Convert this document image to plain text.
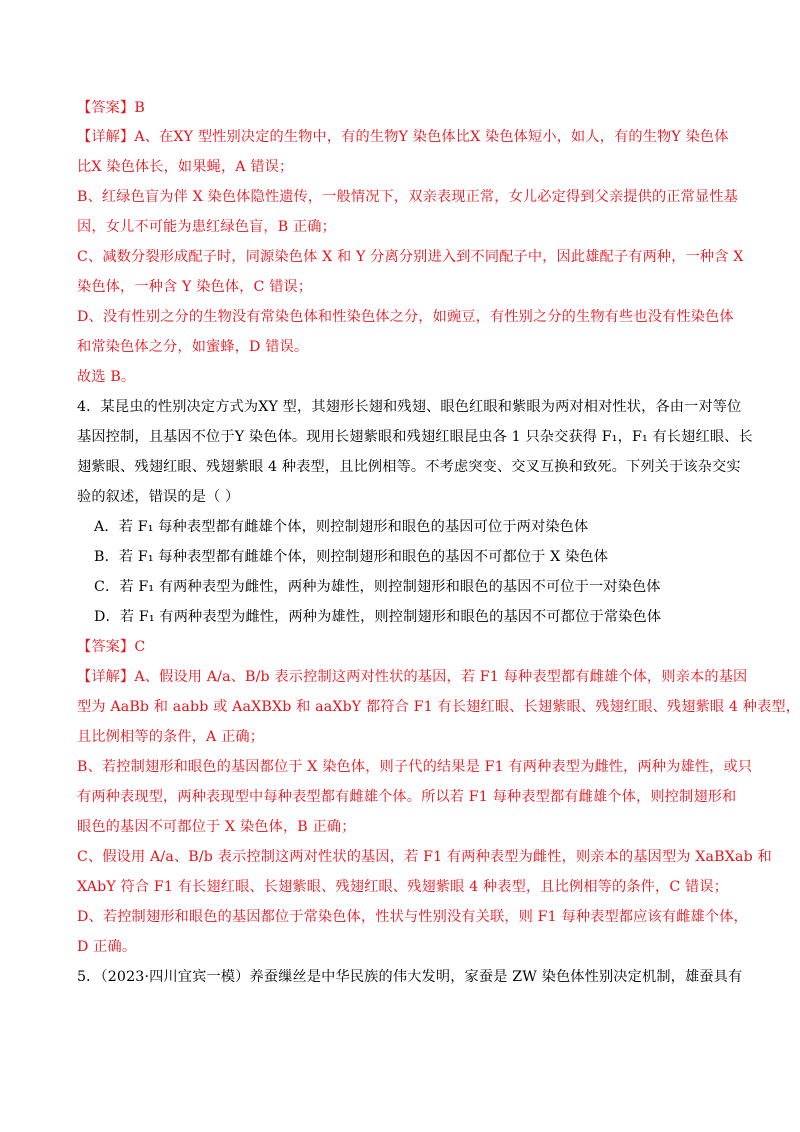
【答案】B
【详解】A、在XY 型性别决定的生物中，有的生物Y 染色体比X 染色体短小，如人，有的生物Y 染色体
比X 染色体长，如果蝇，A 错误；
B、红绿色盲为伴 X 染色体隐性遗传，一般情况下，双亲表现正常，女儿必定得到父亲提供的正常显性基
因，女儿不可能为患红绿色盲，B 正确；
C、减数分裂形成配子时，同源染色体 X 和 Y 分离分别进入到不同配子中，因此雄配子有两种，一种含 X
染色体，一种含 Y 染色体，C 错误；
D、没有性别之分的生物没有常染色体和性染色体之分，如豌豆，有性别之分的生物有些也没有性染色体
和常染色体之分，如蜜蜂，D 错误。
故选 B。
4．某昆虫的性别决定方式为XY 型，其翅形长翅和残翅、眼色红眼和紫眼为两对相对性状，各由一对等位
基因控制，且基因不位于Y 染色体。现用长翅紫眼和残翅红眼昆虫各 1 只杂交获得 F₁，F₁ 有长翅红眼、长
翅紫眼、残翅红眼、残翅紫眼 4 种表型，且比例相等。不考虑突变、交叉互换和致死。下列关于该杂交实
验的叙述，错误的是（ ）
A．若 F₁ 每种表型都有雌雄个体，则控制翅形和眼色的基因可位于两对染色体
B．若 F₁ 每种表型都有雌雄个体，则控制翅形和眼色的基因不可都位于 X 染色体
C．若 F₁ 有两种表型为雌性，两种为雄性，则控制翅形和眼色的基因不可位于一对染色体
D．若 F₁ 有两种表型为雌性，两种为雄性，则控制翅形和眼色的基因不可都位于常染色体
【答案】C
【详解】A、假设用 A/a、B/b 表示控制这两对性状的基因，若 F1 每种表型都有雌雄个体，则亲本的基因
型为 AaBb 和 aabb 或 AaXBXb 和 aaXbY 都符合 F1 有长翅红眼、长翅紫眼、残翅红眼、残翅紫眼 4 种表型，
且比例相等的条件，A 正确；
B、若控制翅形和眼色的基因都位于 X 染色体，则子代的结果是 F1 有两种表型为雌性，两种为雄性，或只
有两种表现型，两种表现型中每种表型都有雌雄个体。所以若 F1 每种表型都有雌雄个体，则控制翅形和
眼色的基因不可都位于 X 染色体，B 正确；
C、假设用 A/a、B/b 表示控制这两对性状的基因，若 F1 有两种表型为雌性，则亲本的基因型为 XaBXab 和
XAbY 符合 F1 有长翅红眼、长翅紫眼、残翅红眼、残翅紫眼 4 种表型，且比例相等的条件，C 错误；
D、若控制翅形和眼色的基因都位于常染色体，性状与性别没有关联，则 F1 每种表型都应该有雌雄个体，
D 正确。
5．（2023·四川宜宾一模）养蚕缫丝是中华民族的伟大发明，家蚕是 ZW 染色体性别决定机制，雄蚕具有
